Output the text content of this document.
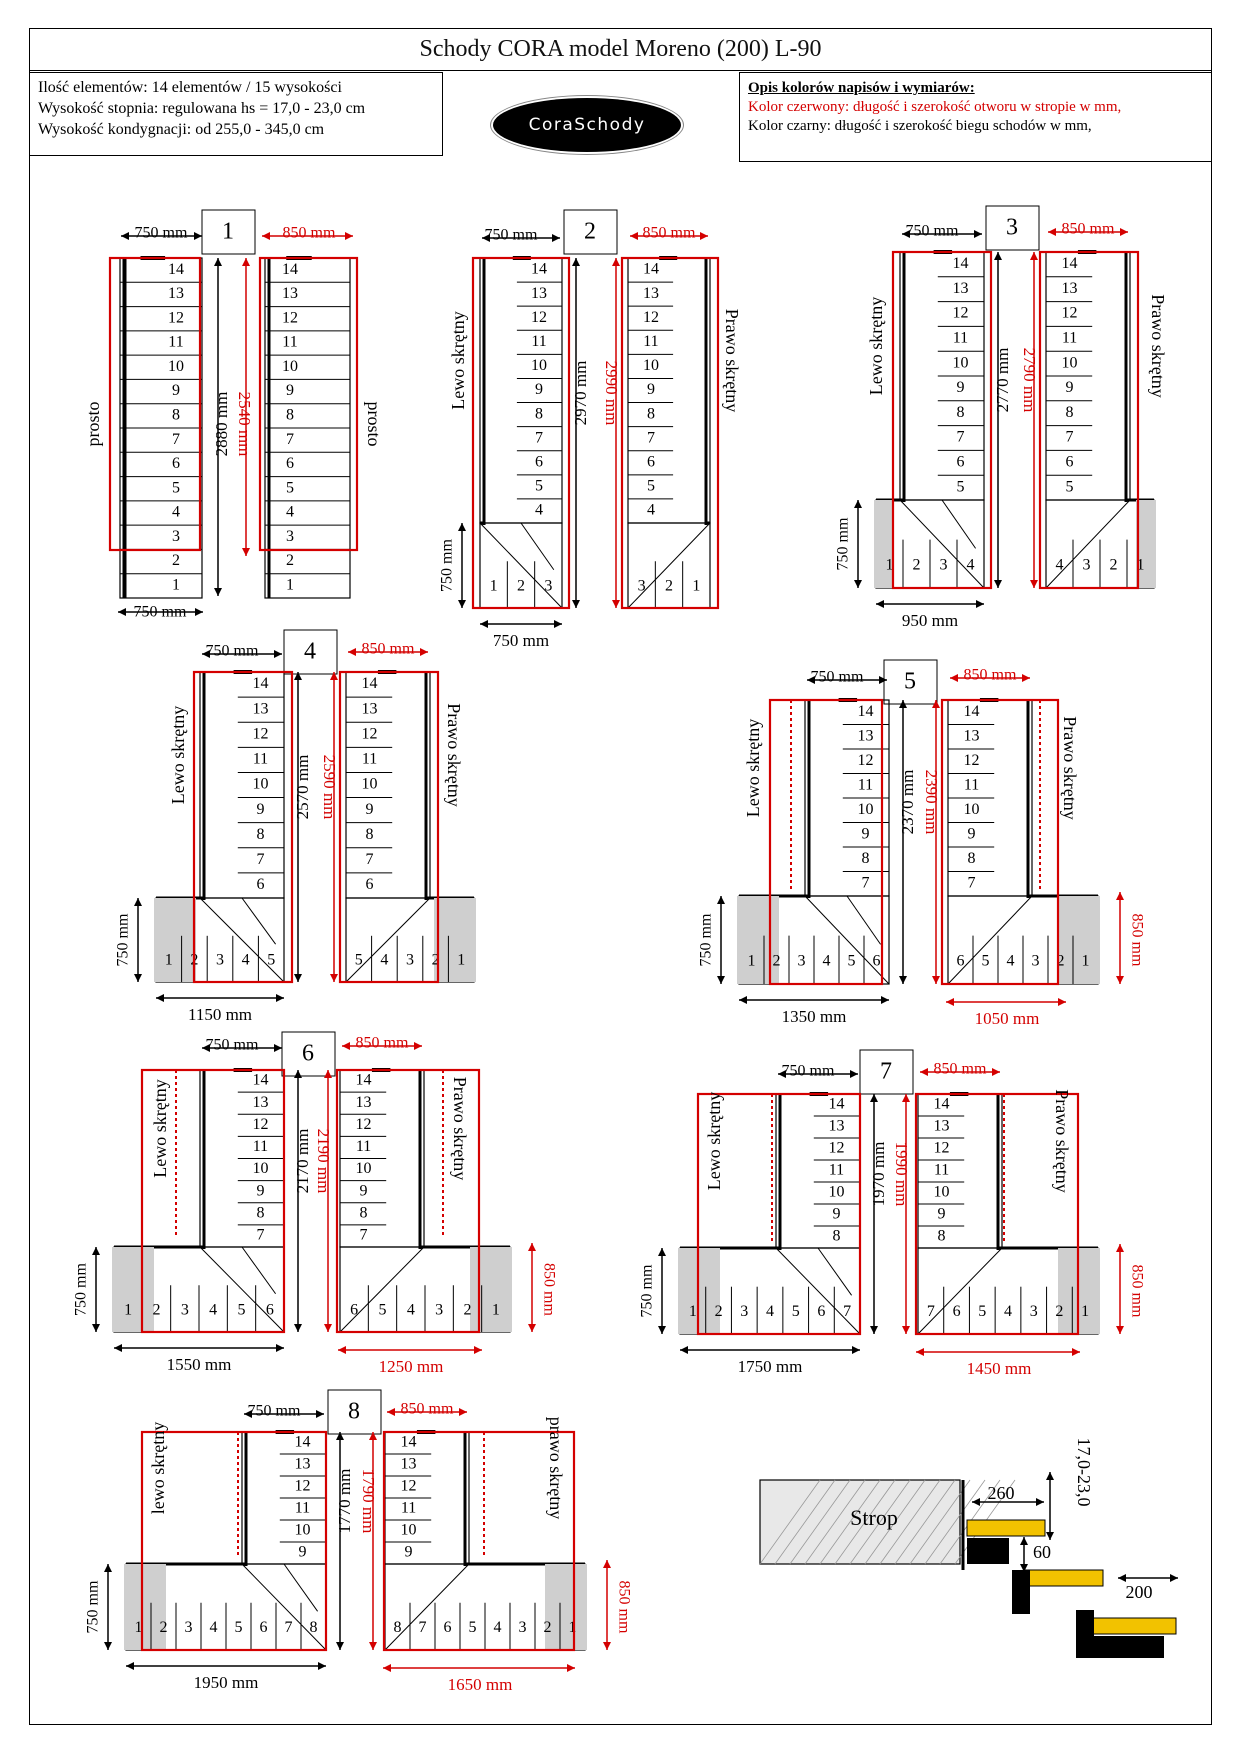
Schody CORA model Moreno (200) L-90
Ilość elementów: 14 elementów / 15 wysokości
Wysokość stopnia: regulowana hs = 17,0 - 23,0 cm
Wysokość kondygnacji: od 255,0 - 345,0 cm	CoraSchody
Opis kolorów napisów i wymiarów:
Kolor czerwony: długość i szerokość otworu w stropie w mm,
Kolor czarny: długość i szerokość biegu schodów w mm,
1
1
2
3
4
5
6
7
8
9
10
11
12
13
14
750 mm
750 mm
2880 mm 2540 mm
prosto
1
2
3
4
5
6
7
8
9
10
11
12
13
14
850 mm
prosto
2
4
5
6
7
8
9
10
11
12
13
14
1 2 3
750 mm
2970 mm
750 mm
750 mm
Lewo skrętny
4
5
6
7
8
9
10
11
12
13
14
1
2
3
850 mm
2990 mm	Prawo skrętny
3
5
6
7
8
9
10
11
12
13
14
1 2 3 4
750 mm
2770 mm
950 mm
750 mm
Lewo skrętny
5
6
7
8
9
10
11
12
13
14
1
2
3
4
850 mm
2790 mm	Prawo skrętny
4
6
7
8
9
10
11
12
13
14
1 2 3 4 5
750 mm
2570 mm
1150 mm
750 mm
Lewo skrętny
6
7
8
9
10
11
12
13
14
1
2
3
4
5
850 mm
2590 mm	Prawo skrętny
5
7
8
9
10
11
12
13
14
1 2 3 4 5 6
750 mm
2370 mm
1350 mm
750 mm
Lewo skrętny
7
8
9
10
11
12
13
14
1
2
3
4
5
6
850 mm
2390 mm	Prawo skrętny
1050 mm
850 mm
6
7
8
9
10
11
12
13
14
1 2 3 4 5 6
750 mm
2170 mm
1550 mm
750 mm
Lewo skrętny
7
8
9
10
11
12
13
14
1
2
3
4
5
6
850 mm
2190 mm	Prawo skrętny
1250 mm
850 mm
7
8
9
10
11
12
13
14
1 2 3 4 5 6 7
750 mm
1970 mm
1750 mm
750 mm
Lewo skrętny
8
9
10
11
12
13
14
1
2
3
4
5
6
7
850 mm
1990 mm	Prawo skrętny
1450 mm
850 mm
8
9
10
11
12
13
14
1 2 3 4 5 6 7 8
750 mm
1770 mm
1950 mm
750 mm
lewo skrętny
9
10
11
12
13
14
1
2
3
4
5
6
7
8
850 mm
1790 mm	prawo skrętny
1650 mm
850 mm
Strop
260
60
17,0-23,0
200
